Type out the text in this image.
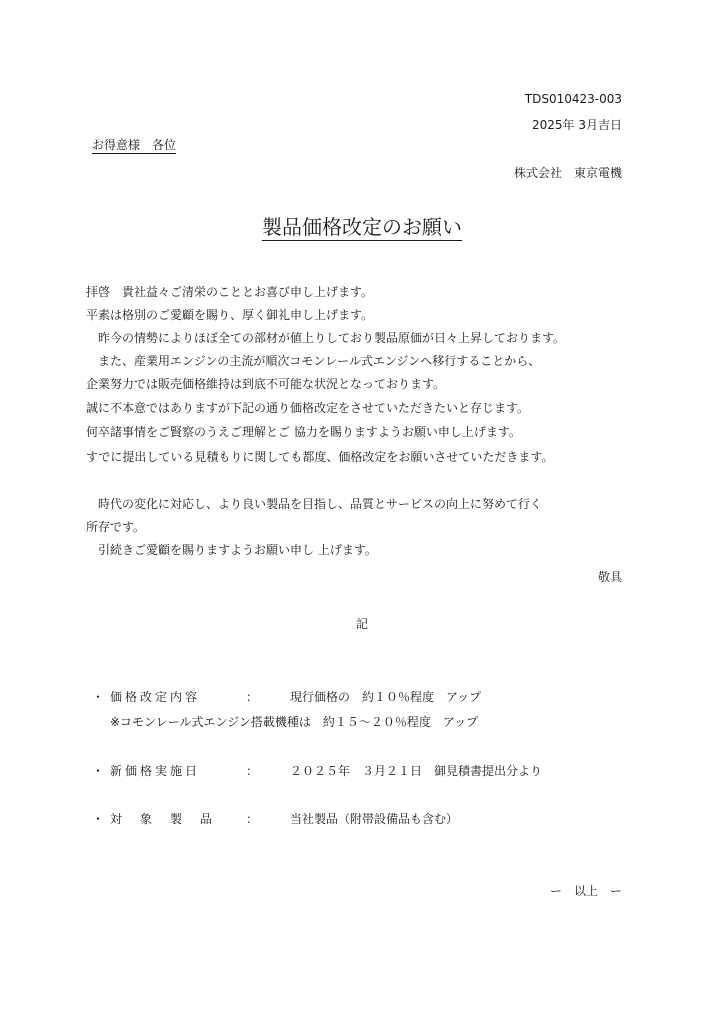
TDS010423-003
2025年 3月吉日
お得意様　各位
株式会社　東京電機
製品価格改定のお願い
拝啓　貴社益々ご清栄のこととお喜び申し上げます。
平素は格別のご愛顧を賜り、厚く御礼申し上げます。
　昨今の情勢によりほぼ全ての部材が値上りしており製品原価が日々上昇しております。
　また、産業用エンジンの主流が順次コモンレール式エンジンへ移行することから、
企業努力では販売価格維持は到底不可能な状況となっております。
誠に不本意ではありますが下記の通り価格改定をさせていただきたいと存じます。
何卒諸事情をご賢察のうえご理解とご 協力を賜りますようお願い申し上げます。
すでに提出している見積もりに関しても都度、価格改定をお願いさせていただきます。
　時代の変化に対応し、より良い製品を目指し、品質とサービスの向上に努めて行く
所存です。
　引続きご愛顧を賜りますようお願い申し 上げます。
敬具
記
・ 価格改定内容	：	現行価格の　約１０％程度　アップ
※コモンレール式エンジン搭載機種は　約１５～２０％程度　アップ
・ 新価格実施日	：	２０２５年　３月２１日　御見積書提出分より
・ 対　象　製　品	：	当社製品（附帯設備品も含む）
ー　以上　ー
